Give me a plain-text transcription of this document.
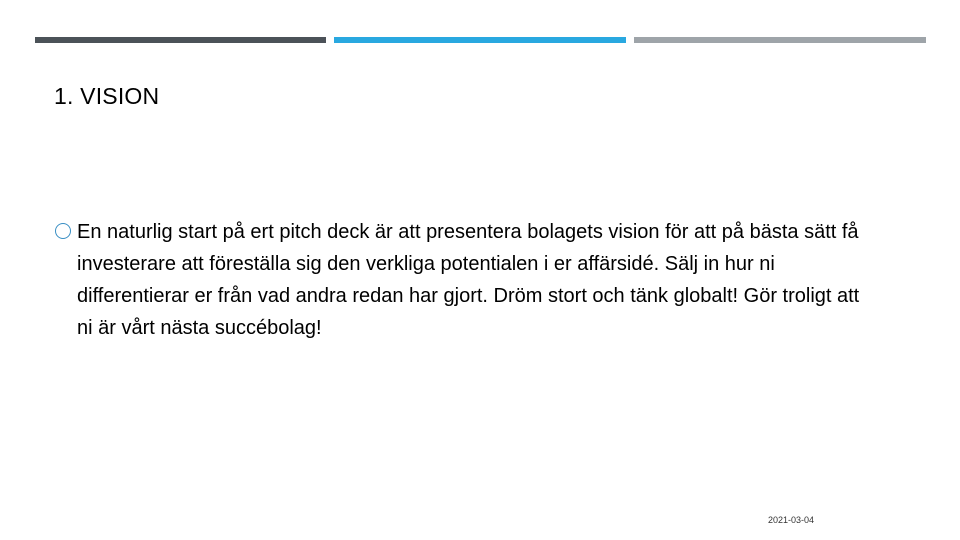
1. VISION
En naturlig start på ert pitch deck är att presentera bolagets vision för att på bästa sätt få investerare att föreställa sig den verkliga potentialen i er affärsidé. Sälj in hur ni differentierar er från vad andra redan har gjort. Dröm stort och tänk globalt! Gör troligt att ni är vårt nästa succébolag!
2021-03-04
